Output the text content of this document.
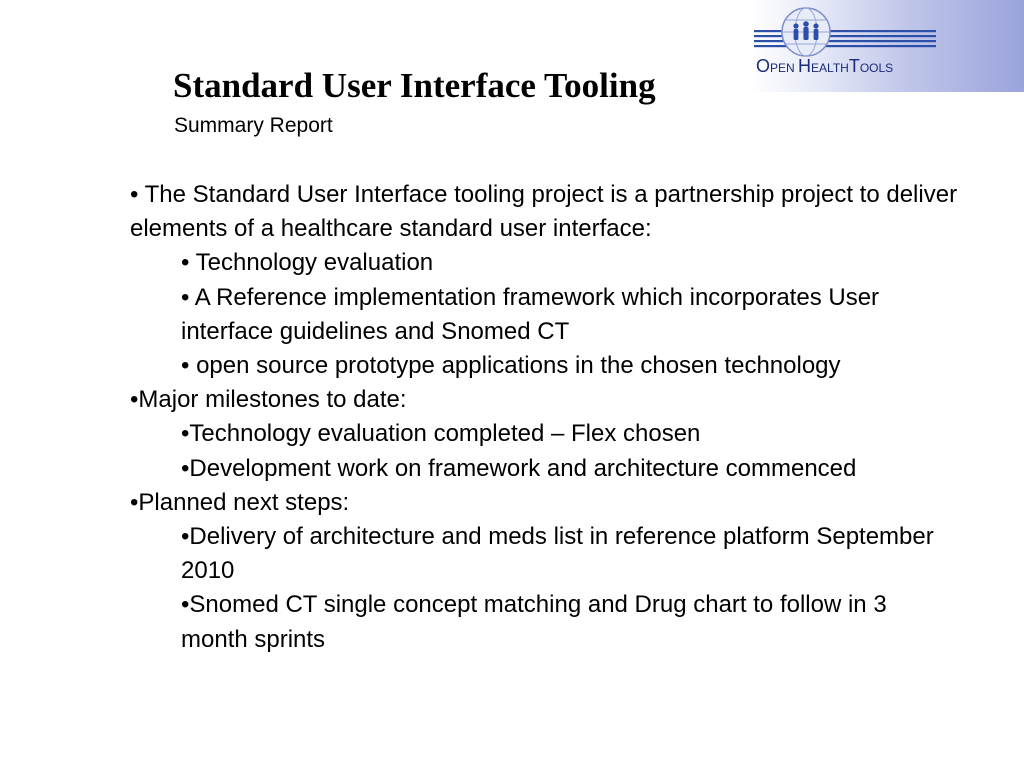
OPEN HEALTHTOOLS
Standard User Interface Tooling
Summary Report

• The Standard User Interface tooling project is a partnership project to deliver elements of a healthcare standard user interface:

• Technology evaluation

• A Reference implementation framework which incorporates User interface guidelines and Snomed CT

• open source prototype applications in the chosen technology

•Major milestones to date:

•Technology evaluation completed – Flex chosen

•Development work on framework and architecture commenced

•Planned next steps:

•Delivery of architecture and meds list in reference platform September 2010

•Snomed CT single concept matching and Drug chart to follow in 3 month sprints
